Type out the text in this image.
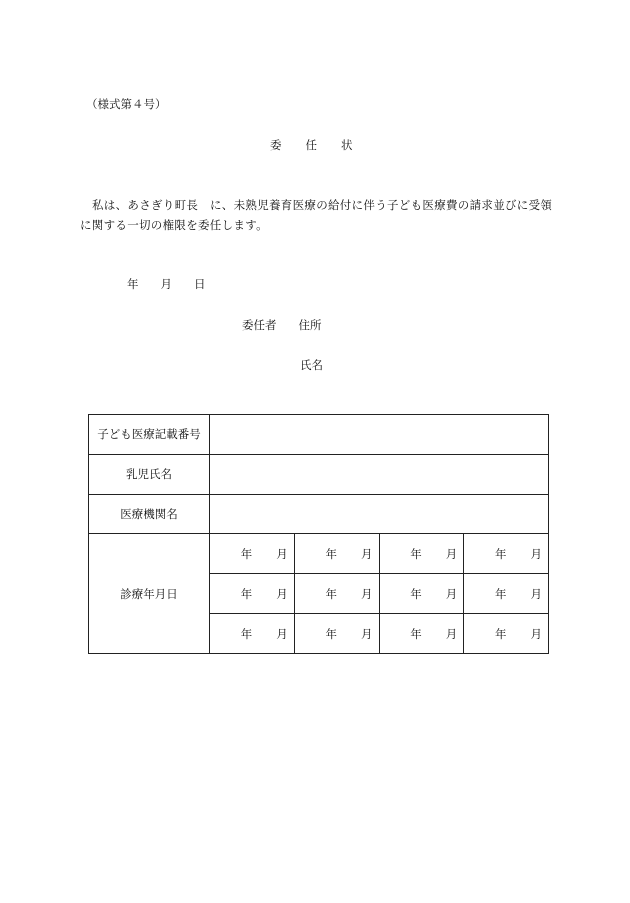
（様式第４号）
委 任 状
私は、あさぎり町長　に、未熟児養育医療の給付に伴う子ども医療費の請求並びに受領に関する一切の権限を委任します。
年 月 日
委任者 住所
氏名
子ども医療記載番号				
乳児氏名				
医療機関名				
診療年月日	年 月	年 月	年 月	年 月
	年 月	年 月	年 月	年 月
	年 月	年 月	年 月	年 月
